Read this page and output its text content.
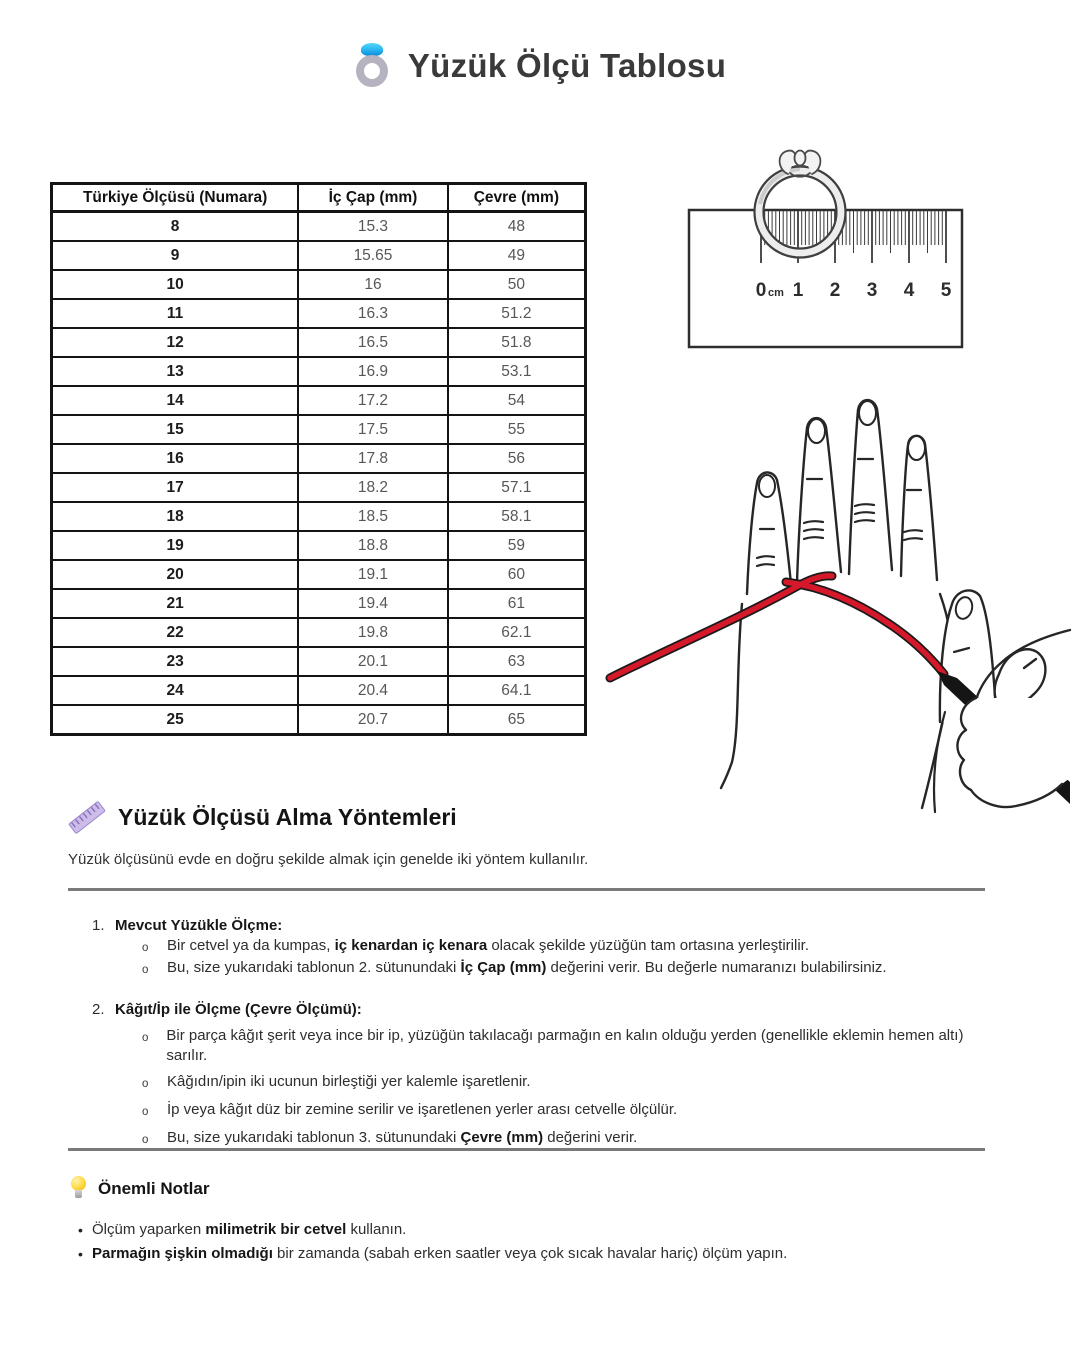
Yüzük Ölçü Tablosu
Türkiye Ölçüsü (Numara)	İç Çap (mm)	Çevre (mm)
8	15.3	48
9	15.65	49
10	16	50
11	16.3	51.2
12	16.5	51.8
13	16.9	53.1
14	17.2	54
15	17.5	55
16	17.8	56
17	18.2	57.1
18	18.5	58.1
19	18.8	59
20	19.1	60
21	19.4	61
22	19.8	62.1
23	20.1	63
24	20.4	64.1
25	20.7	65
0 cm 1 2 3 4 5
Yüzük Ölçüsü Alma Yöntemleri

Yüzük ölçüsünü evde en doğru şekilde almak için genelde iki yöntem kullanılır.

1. Mevcut Yüzükle Ölçme:
o	Bir cetvel ya da kumpas, iç kenardan iç kenara olacak şekilde yüzüğün tam ortasına yerleştirilir.
o	Bu, size yukarıdaki tablonun 2. sütunundaki İç Çap (mm) değerini verir. Bu değerle numaranızı bulabilirsiniz.
2. Kâğıt/İp ile Ölçme (Çevre Ölçümü):
o	Bir parça kâğıt şerit veya ince bir ip, yüzüğün takılacağı parmağın en kalın olduğu yerden (genellikle eklemin hemen altı) sarılır.
o	Kâğıdın/ipin iki ucunun birleştiği yer kalemle işaretlenir.
o	İp veya kâğıt düz bir zemine serilir ve işaretlenen yerler arası cetvelle ölçülür.
o	Bu, size yukarıdaki tablonun 3. sütunundaki Çevre (mm) değerini verir.
Önemli Notlar
• Ölçüm yaparken milimetrik bir cetvel kullanın.
• Parmağın şişkin olmadığı bir zamanda (sabah erken saatler veya çok sıcak havalar hariç) ölçüm yapın.
